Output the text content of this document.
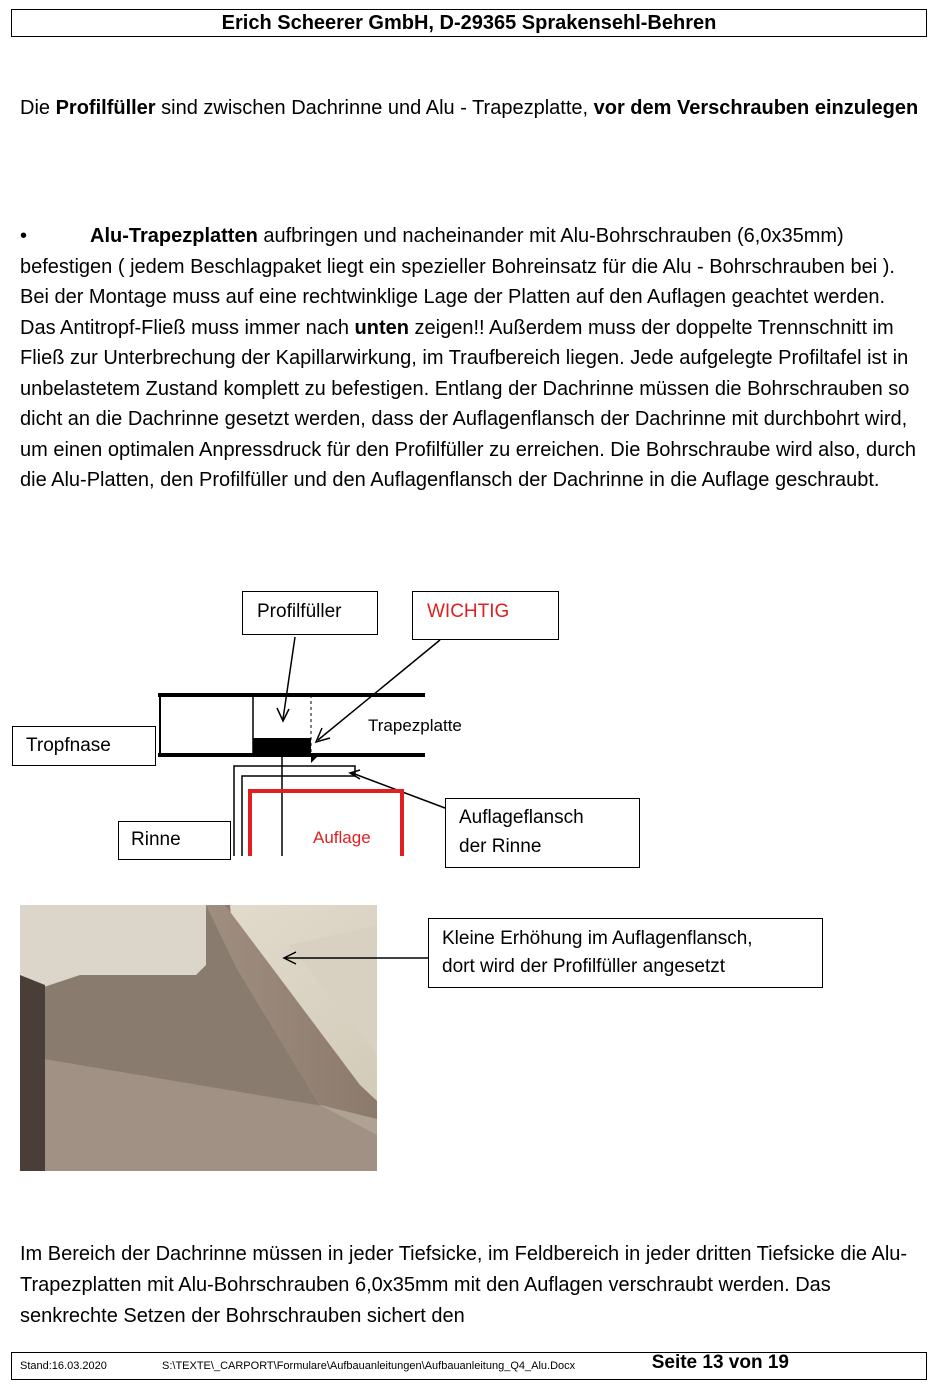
Erich Scheerer GmbH, D-29365 Sprakensehl-Behren
Die Profilfüller sind zwischen Dachrinne und Alu - Trapezplatte, vor dem Verschrauben einzulegen
•	Alu-Trapezplatten aufbringen und nacheinander mit Alu-Bohrschrauben (6,0x35mm) befestigen ( jedem Beschlagpaket liegt ein spezieller Bohreinsatz für die Alu - Bohrschrauben bei ). Bei der Montage muss auf eine rechtwinklige Lage der Platten auf den Auflagen geachtet werden. Das Antitropf-Fließ muss immer nach unten zeigen!! Außerdem muss der doppelte Trennschnitt im Fließ zur Unterbrechung der Kapillarwirkung, im Traufbereich liegen. Jede aufgelegte Profiltafel ist in unbelastetem Zustand komplett zu befestigen. Entlang der Dachrinne müssen die Bohrschrauben so dicht an die Dachrinne gesetzt werden, dass der Auflagenflansch der Dachrinne mit durchbohrt wird, um einen optimalen Anpressdruck für den Profilfüller zu erreichen. Die Bohrschraube wird also, durch die Alu-Platten, den Profilfüller und den Auflagenflansch der Dachrinne in die Auflage geschraubt.
Auflage
Trapezplatte
Profilfüller	WICHTIG
Tropfnase
Rinne
Auflageflansch
der Rinne
Kleine Erhöhung im Auflagenflansch,
dort wird der Profilfüller angesetzt
Im Bereich der Dachrinne müssen in jeder Tiefsicke, im Feldbereich in jeder dritten Tiefsicke die Alu-Trapezplatten mit Alu-Bohrschrauben 6,0x35mm mit den Auflagen verschraubt werden. Das senkrechte Setzen der Bohrschrauben sichert den
Stand:16.03.2020	S:\TEXTE\_CARPORT\Formulare\Aufbauanleitungen\Aufbauanleitung_Q4_Alu.Docx	Seite 13 von 19
